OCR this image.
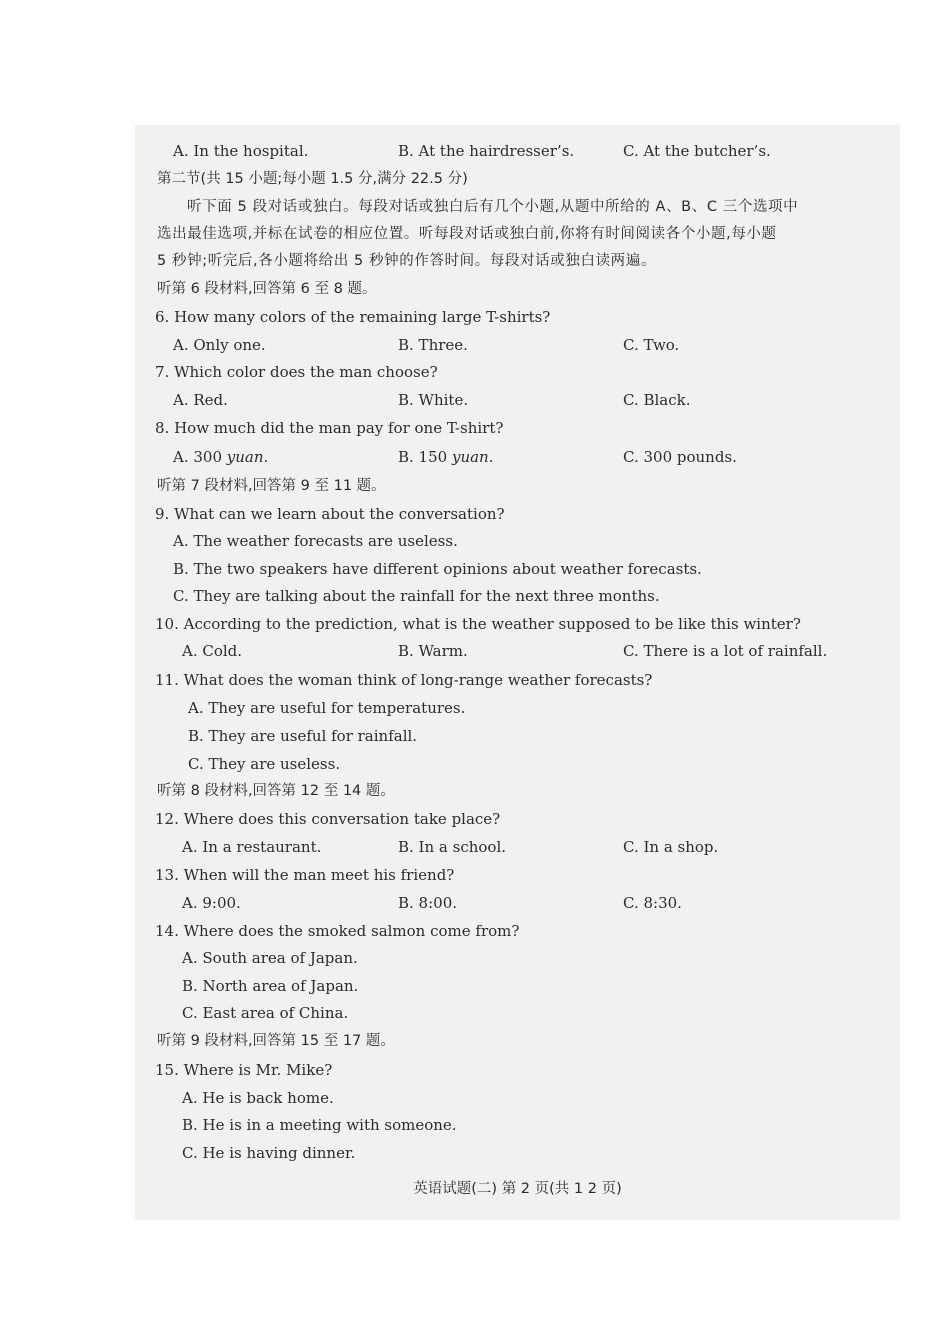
A. In the hospital.	B. At the hairdresser’s.	C. At the butcher’s.
第二节(共 15 小题;每小题 1.5 分,满分 22.5 分)
听下面 5 段对话或独白。每段对话或独白后有几个小题,从题中所给的 A、B、C 三个选项中
选出最佳选项,并标在试卷的相应位置。听每段对话或独白前,你将有时间阅读各个小题,每小题
5 秒钟;听完后,各小题将给出 5 秒钟的作答时间。每段对话或独白读两遍。
听第 6 段材料,回答第 6 至 8 题。
6. How many colors of the remaining large T-shirts?
A. Only one.	B. Three.	C. Two.
7. Which color does the man choose?
A. Red.	B. White.	C. Black.
8. How much did the man pay for one T-shirt?
A. 300 yuan.	B. 150 yuan.	C. 300 pounds.
听第 7 段材料,回答第 9 至 11 题。
9. What can we learn about the conversation?
A. The weather forecasts are useless.
B. The two speakers have different opinions about weather forecasts.
C. They are talking about the rainfall for the next three months.
10. According to the prediction, what is the weather supposed to be like this winter?
A. Cold.	B. Warm.	C. There is a lot of rainfall.
11. What does the woman think of long-range weather forecasts?
A. They are useful for temperatures.
B. They are useful for rainfall.
C. They are useless.
听第 8 段材料,回答第 12 至 14 题。
12. Where does this conversation take place?
A. In a restaurant.	B. In a school.	C. In a shop.
13. When will the man meet his friend?
A. 9:00.	B. 8:00.	C. 8:30.
14. Where does the smoked salmon come from?
A. South area of Japan.
B. North area of Japan.
C. East area of China.
听第 9 段材料,回答第 15 至 17 题。
15. Where is Mr. Mike?
A. He is back home.
B. He is in a meeting with someone.
C. He is having dinner.
英语试题(二) 第 2 页(共 1 2 页)
